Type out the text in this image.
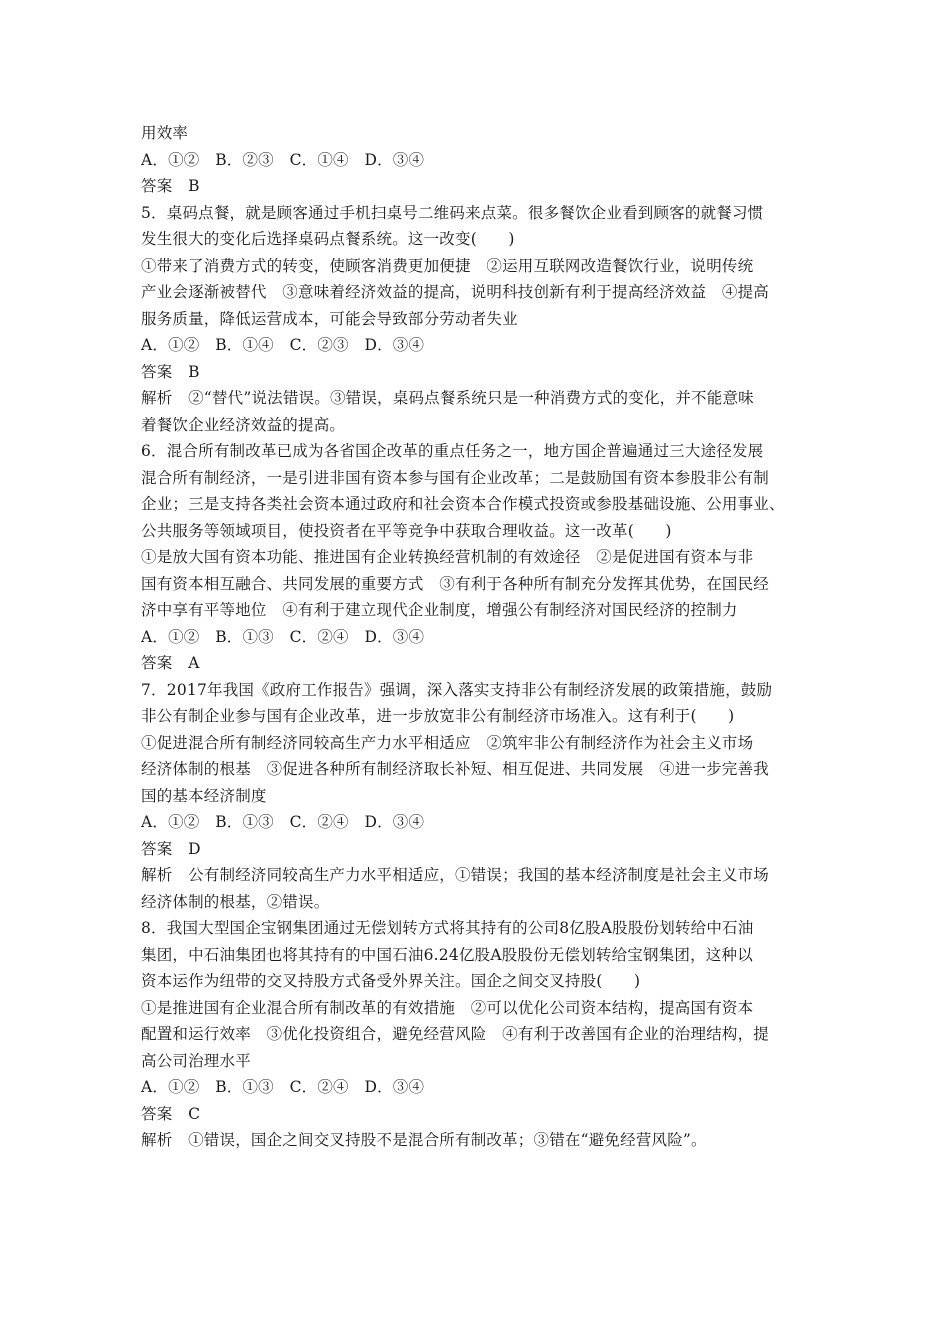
用效率
A．①②　B．②③　C．①④　D．③④
答案　B
5．桌码点餐，就是顾客通过手机扫桌号二维码来点菜。很多餐饮企业看到顾客的就餐习惯
发生很大的变化后选择桌码点餐系统。这一改变(　　)
①带来了消费方式的转变，使顾客消费更加便捷　②运用互联网改造餐饮行业，说明传统
产业会逐渐被替代　③意味着经济效益的提高，说明科技创新有利于提高经济效益　④提高
服务质量，降低运营成本，可能会导致部分劳动者失业
A．①②　B．①④　C．②③　D．③④
答案　B
解析　②“替代”说法错误。③错误，桌码点餐系统只是一种消费方式的变化，并不能意味
着餐饮企业经济效益的提高。
6．混合所有制改革已成为各省国企改革的重点任务之一，地方国企普遍通过三大途径发展
混合所有制经济，一是引进非国有资本参与国有企业改革；二是鼓励国有资本参股非公有制
企业；三是支持各类社会资本通过政府和社会资本合作模式投资或参股基础设施、公用事业、
公共服务等领域项目，使投资者在平等竞争中获取合理收益。这一改革(　　)
①是放大国有资本功能、推进国有企业转换经营机制的有效途径　②是促进国有资本与非
国有资本相互融合、共同发展的重要方式　③有利于各种所有制充分发挥其优势，在国民经
济中享有平等地位　④有利于建立现代企业制度，增强公有制经济对国民经济的控制力
A．①②　B．①③　C．②④　D．③④
答案　A
7．2017年我国《政府工作报告》强调，深入落实支持非公有制经济发展的政策措施，鼓励
非公有制企业参与国有企业改革，进一步放宽非公有制经济市场准入。这有利于(　　)
①促进混合所有制经济同较高生产力水平相适应　②筑牢非公有制经济作为社会主义市场
经济体制的根基　③促进各种所有制经济取长补短、相互促进、共同发展　④进一步完善我
国的基本经济制度
A．①②　B．①③　C．②④　D．③④
答案　D
解析　公有制经济同较高生产力水平相适应，①错误；我国的基本经济制度是社会主义市场
经济体制的根基，②错误。
8．我国大型国企宝钢集团通过无偿划转方式将其持有的公司8亿股A股股份划转给中石油
集团，中石油集团也将其持有的中国石油6.24亿股A股股份无偿划转给宝钢集团，这种以
资本运作为纽带的交叉持股方式备受外界关注。国企之间交叉持股(　　)
①是推进国有企业混合所有制改革的有效措施　②可以优化公司资本结构，提高国有资本
配置和运行效率　③优化投资组合，避免经营风险　④有利于改善国有企业的治理结构，提
高公司治理水平
A．①②　B．①③　C．②④　D．③④
答案　C
解析　①错误，国企之间交叉持股不是混合所有制改革；③错在“避免经营风险”。
